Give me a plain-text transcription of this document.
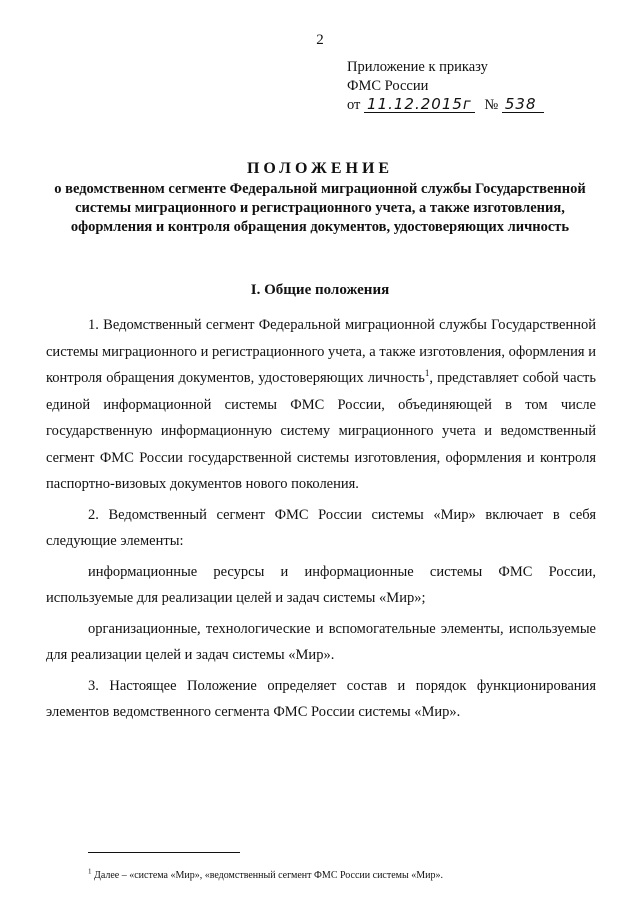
2
Приложение к приказу
ФМС России
от 11.12.2015г № 538
ПОЛОЖЕНИЕ
о ведомственном сегменте Федеральной миграционной службы Государственной системы миграционного и регистрационного учета, а также изготовления, оформления и контроля обращения документов, удостоверяющих личность
I. Общие положения

1. Ведомственный сегмент Федеральной миграционной службы Государственной системы миграционного и регистрационного учета, а также изготовления, оформления и контроля обращения документов, удостоверяющих личность$^1$, представляет собой часть единой информационной системы ФМС России, объединяющей в том числе государственную информационную систему миграционного учета и ведомственный сегмент ФМС России государственной системы изготовления, оформления и контроля паспортно-визовых документов нового поколения.

2. Ведомственный сегмент ФМС России системы «Мир» включает в себя следующие элементы:

информационные ресурсы и информационные системы ФМС России, используемые для реализации целей и задач системы «Мир»;

организационные, технологические и вспомогательные элементы, используемые для реализации целей и задач системы «Мир».

3. Настоящее Положение определяет состав и порядок функционирования элементов ведомственного сегмента ФМС России системы «Мир».

$^1$ Далее – «система «Мир», «ведомственный сегмент ФМС России системы «Мир».
